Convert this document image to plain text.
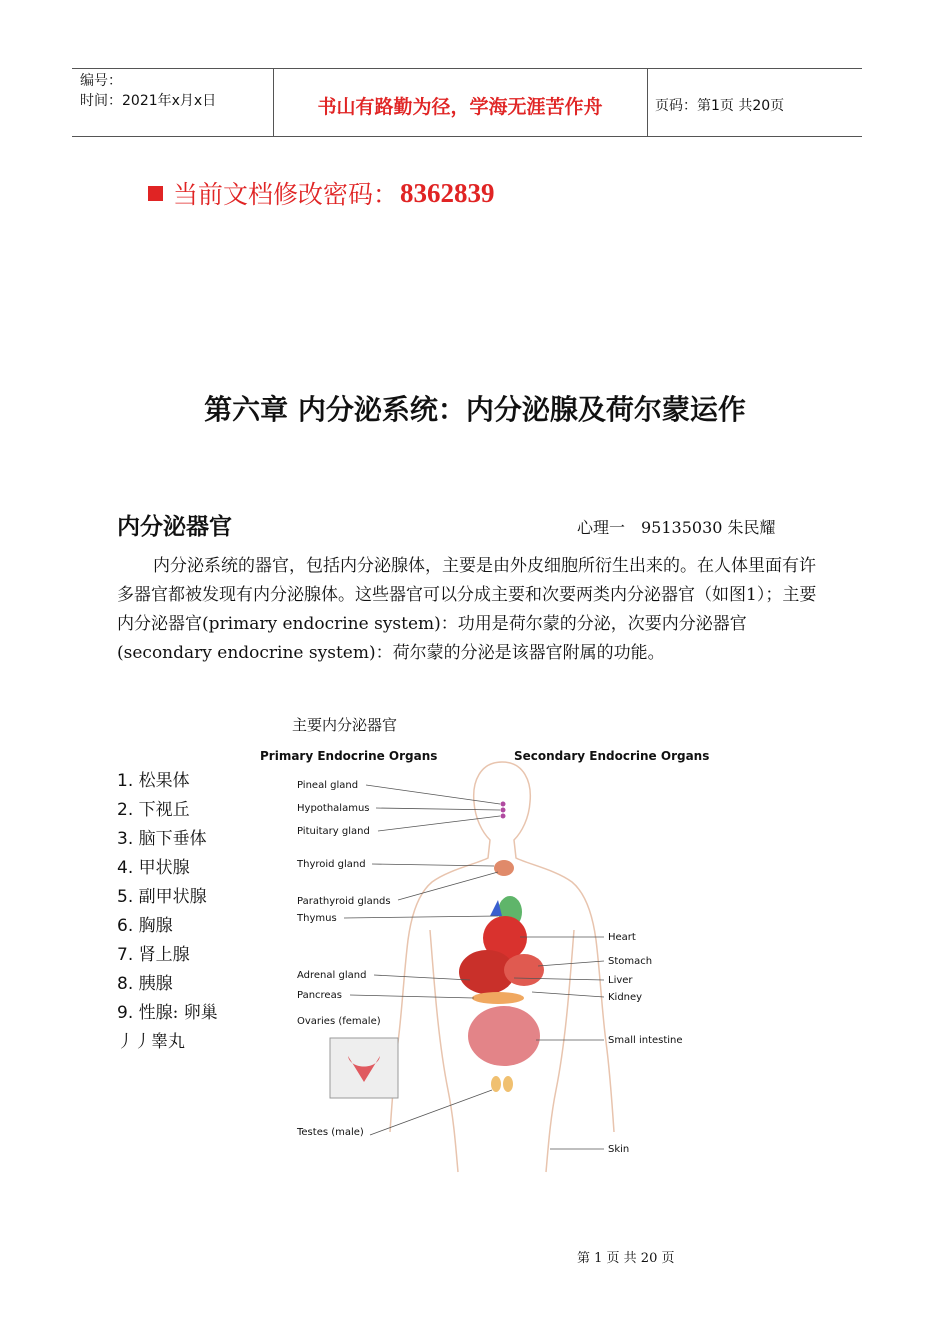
编号：
时间：2021年x月x日	书山有路勤为径，学海无涯苦作舟	页码：第1页 共20页
当前文档修改密码： 8362839
第六章 内分泌系统：内分泌腺及荷尔蒙运作
内分泌器官	心理一　95135030 朱民耀
内分泌系统的器官，包括内分泌腺体，主要是由外皮细胞所衍生出来的。在人体里面有许多器官都被发现有内分泌腺体。这些器官可以分成主要和次要两类内分泌器官（如图1）；主要内分泌器官(primary endocrine system)：功用是荷尔蒙的分泌，次要内分泌器官(secondary endocrine system)：荷尔蒙的分泌是该器官附属的功能。
主要内分泌器官
1. 松果体
2. 下视丘
3. 脑下垂体
4. 甲状腺
5. 副甲状腺
6. 胸腺
7. 肾上腺
8. 胰腺
9. 性腺: 卵巢
丿丿睾丸
Primary Endocrine Organs	Secondary Endocrine Organs
Pineal gland
Hypothalamus
Pituitary gland
Thyroid gland
Parathyroid glands
Thymus
Adrenal gland
Pancreas
Ovaries (female)
Testes (male)
Heart
Stomach
Liver
Kidney
Small intestine
Skin
第 1 页 共 20 页
